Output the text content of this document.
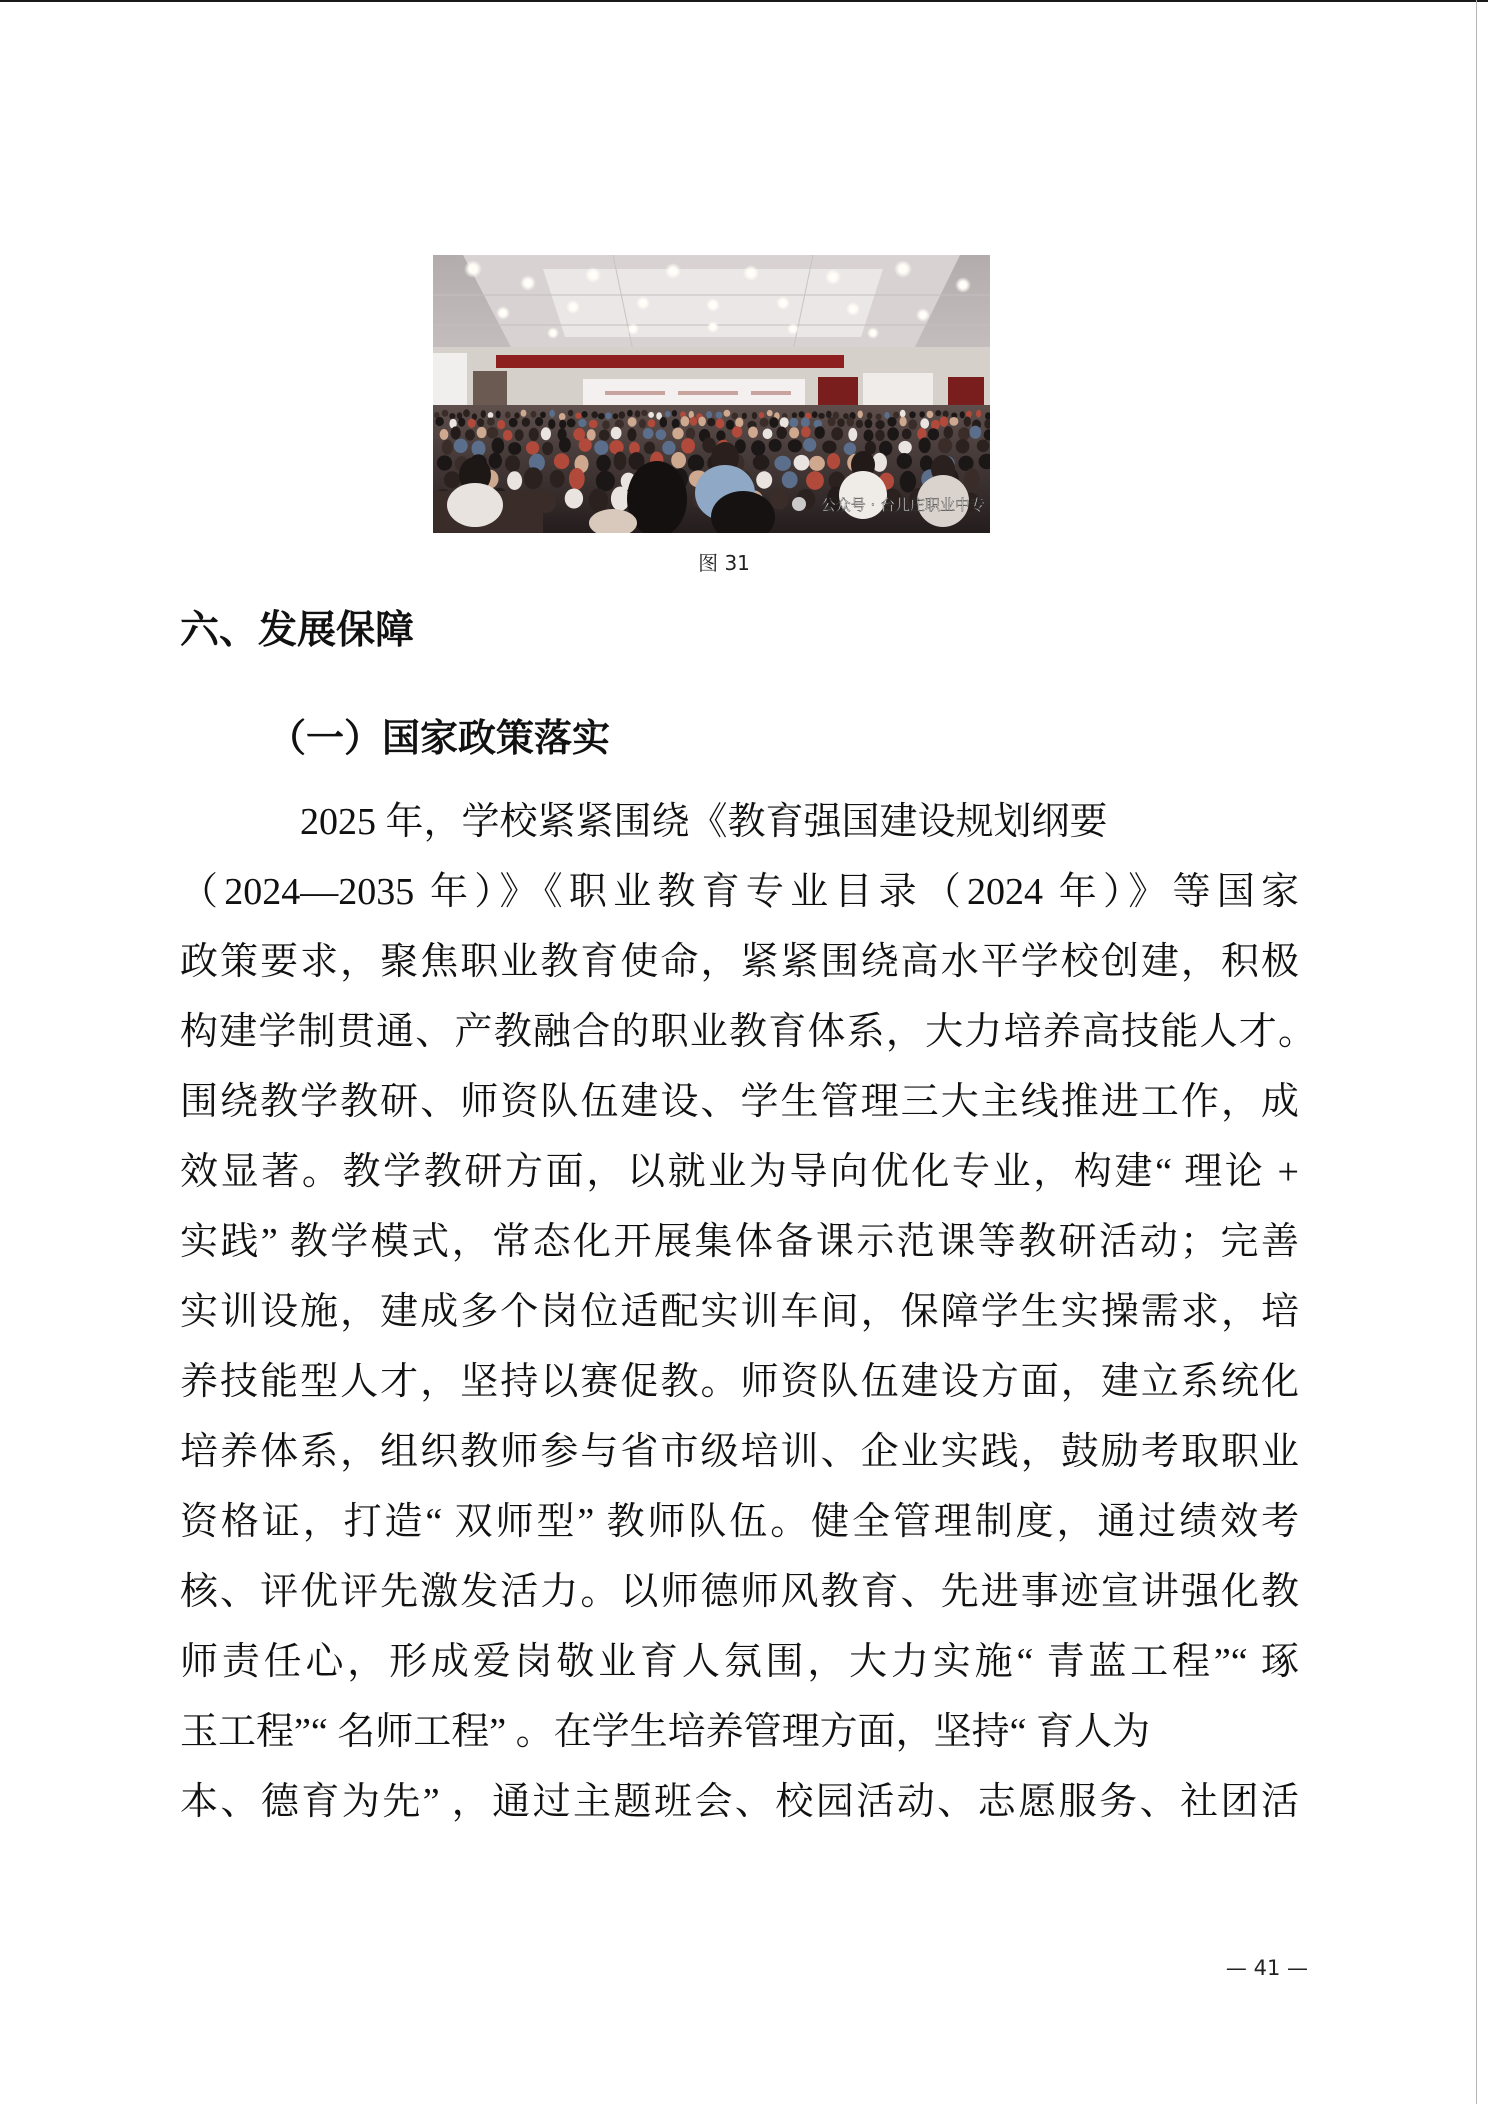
公众号 · 台儿庄职业中专
图 31
六、发展保障
（一）国家政策落实
2025 年，学校紧紧围绕《教育强国建设规划纲要
（2024—2035 年）》《职业教育专业目录（2024 年）》等国家
政策要求，聚焦职业教育使命，紧紧围绕高水平学校创建，积极
构建学制贯通、产教融合的职业教育体系，大力培养高技能人才。
围绕教学教研、师资队伍建设、学生管理三大主线推进工作，成
效显著。教学教研方面，以就业为导向优化专业，构建“ 理论 +
实践” 教学模式，常态化开展集体备课示范课等教研活动；完善
实训设施，建成多个岗位适配实训车间，保障学生实操需求，培
养技能型人才，坚持以赛促教。师资队伍建设方面，建立系统化
培养体系，组织教师参与省市级培训、企业实践，鼓励考取职业
资格证，打造“ 双师型” 教师队伍。健全管理制度，通过绩效考
核、评优评先激发活力。以师德师风教育、先进事迹宣讲强化教
师责任心，形成爱岗敬业育人氛围，大力实施“ 青蓝工程”“ 琢
玉工程”“ 名师工程” 。在学生培养管理方面，坚持“ 育人为
本、德育为先” ，通过主题班会、校园活动、志愿服务、社团活
— 41 —
